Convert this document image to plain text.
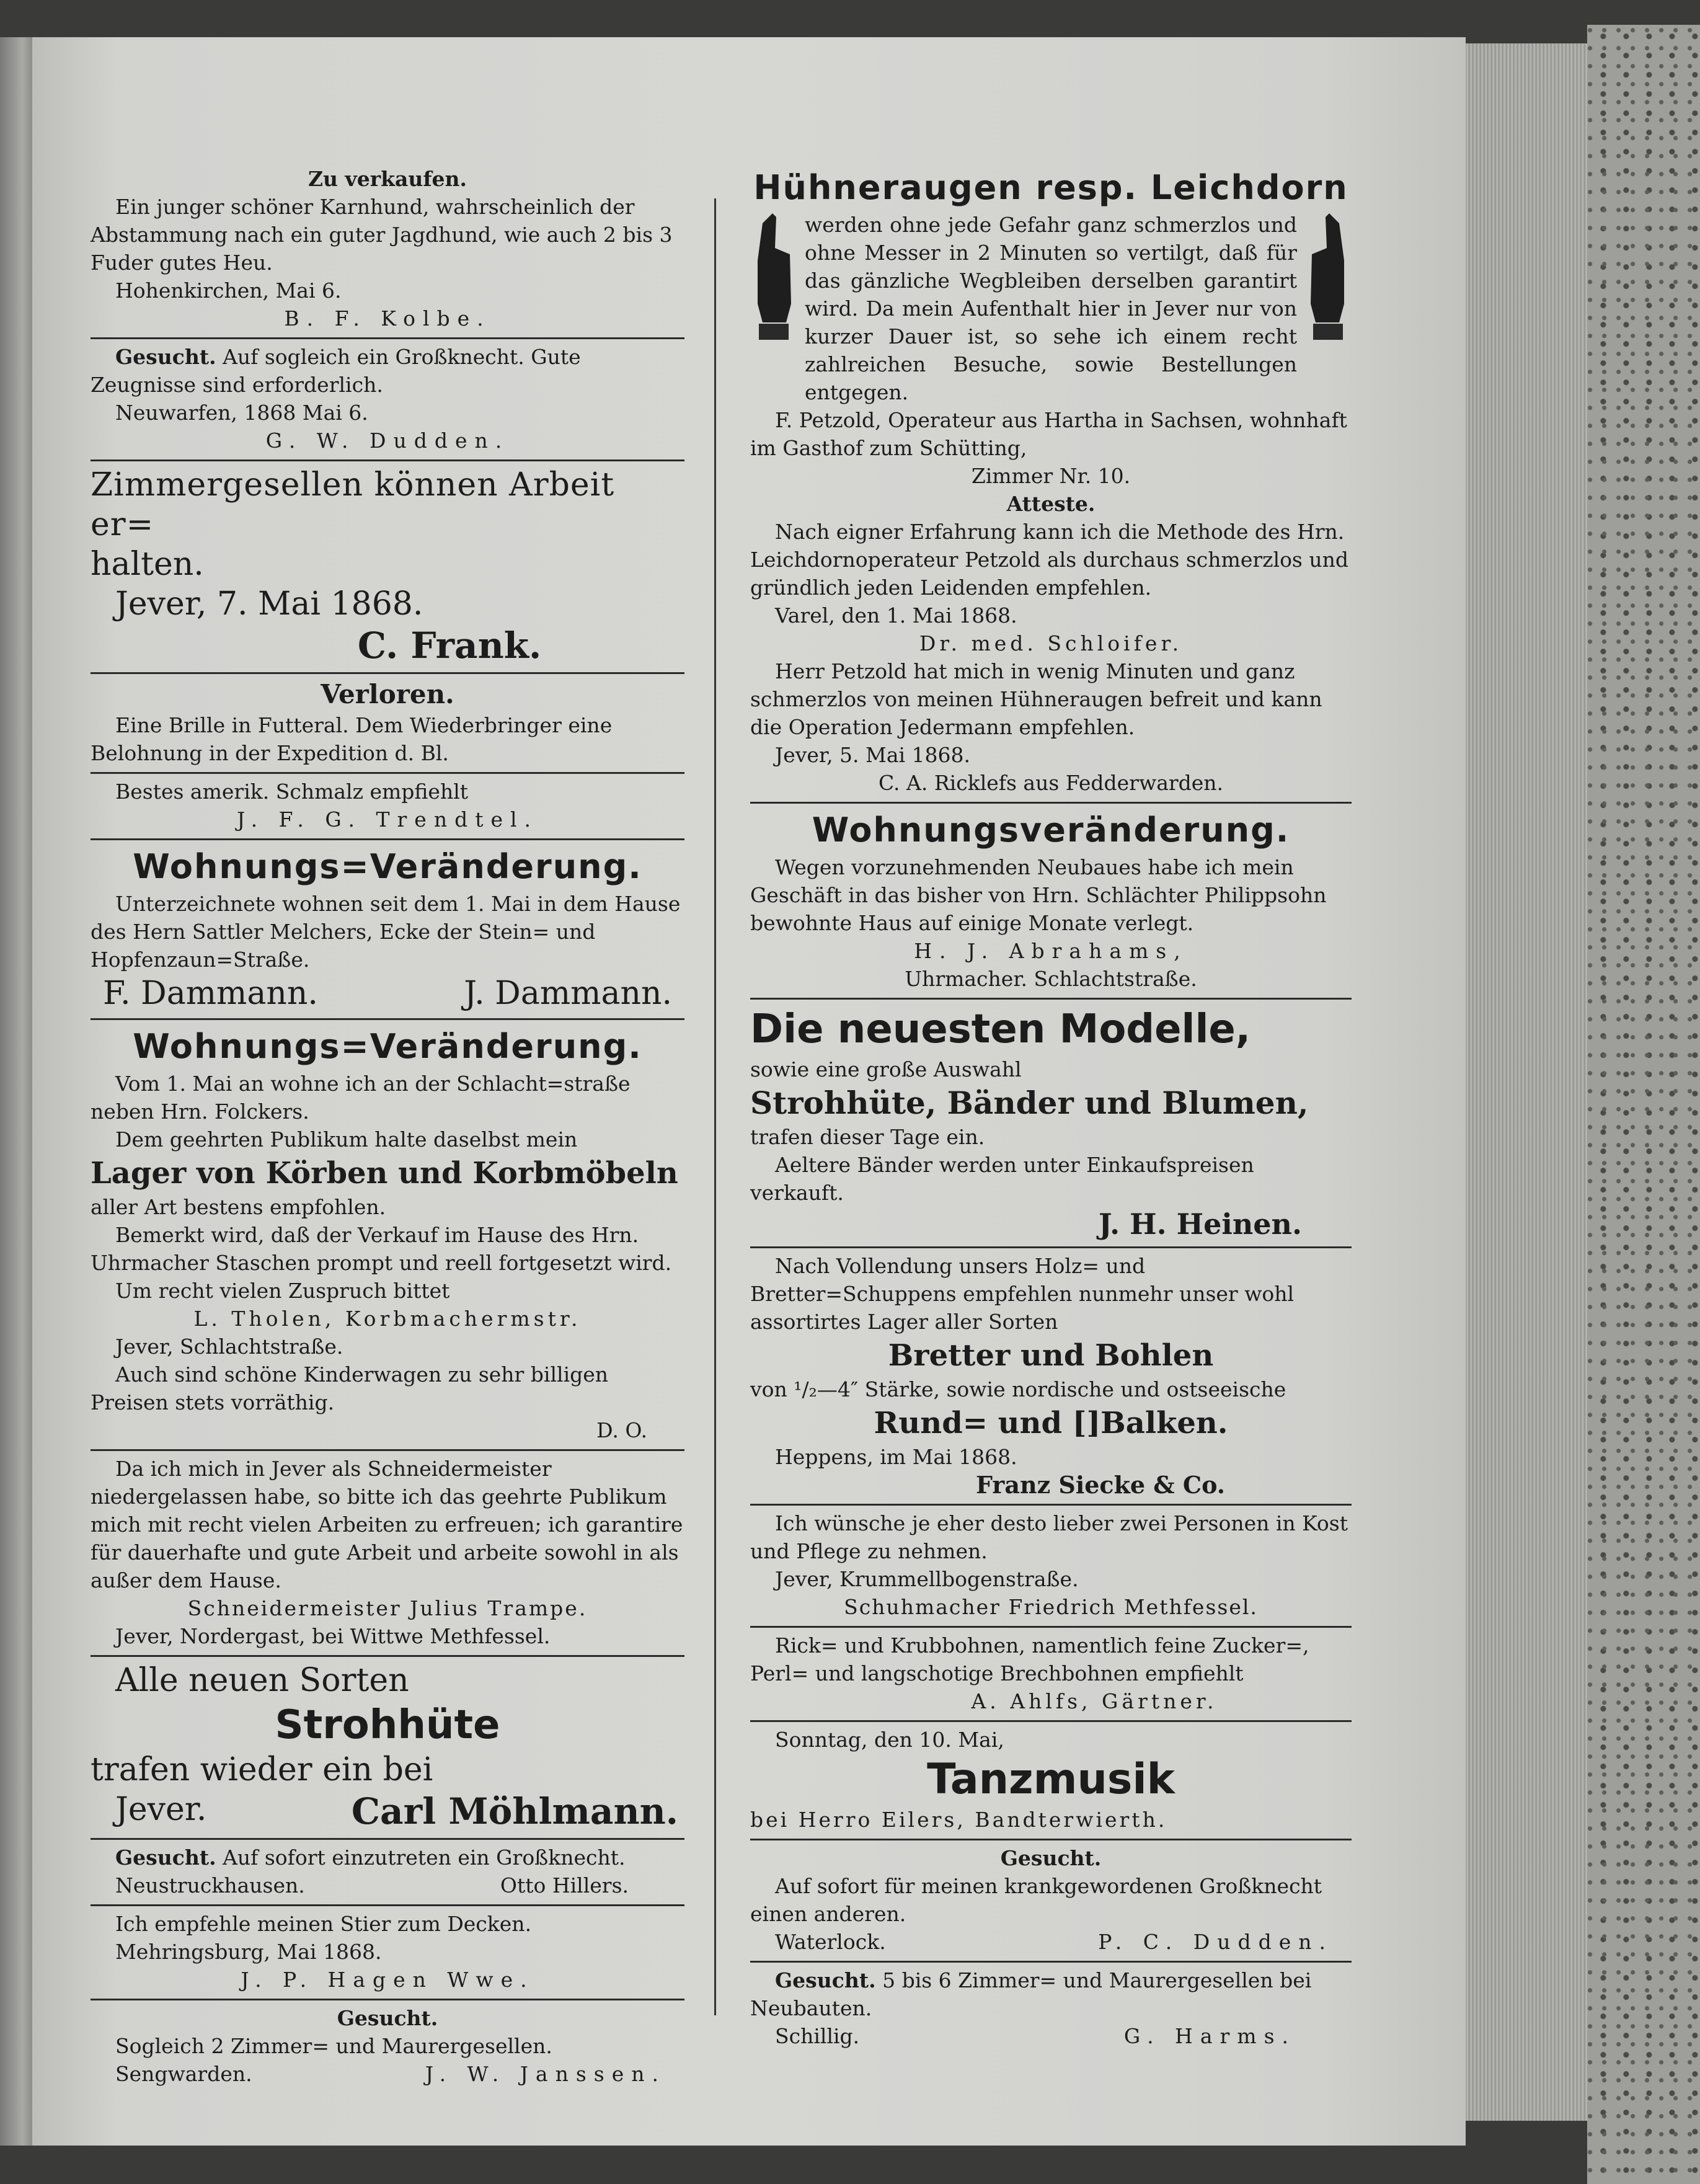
Zu verkaufen.

Ein junger schöner Karnhund, wahrscheinlich der Abstammung nach ein guter Jagdhund, wie auch 2 bis 3 Fuder gutes Heu.

Hohenkirchen, Mai 6.

B. F. Kolbe.

Gesucht. Auf sogleich ein Großknecht. Gute Zeugnisse sind erforderlich.

Neuwarfen, 1868 Mai 6.

G. W. Dudden.

Zimmergesellen können Arbeit er=

halten.

Jever, 7. Mai 1868.

C. Frank.

Verloren.

Eine Brille in Futteral. Dem Wiederbringer eine Belohnung in der Expedition d. Bl.

Bestes amerik. Schmalz empfiehlt

J. F. G. Trendtel.

Wohnungs=Veränderung.

Unterzeichnete wohnen seit dem 1. Mai in dem Hause des Hern Sattler Melchers, Ecke der Stein= und Hopfenzaun=Straße.

F. Dammann.	J. Dammann.

Wohnungs=Veränderung.

Vom 1. Mai an wohne ich an der Schlacht=straße neben Hrn. Folckers.

Dem geehrten Publikum halte daselbst mein

Lager von Körben und Korbmöbeln

aller Art bestens empfohlen.

Bemerkt wird, daß der Verkauf im Hause des Hrn. Uhrmacher Staschen prompt und reell fortgesetzt wird.

Um recht vielen Zuspruch bittet

L. Tholen, Korbmachermstr.

Jever, Schlachtstraße.

Auch sind schöne Kinderwagen zu sehr billigen Preisen stets vorräthig.

D. O.

Da ich mich in Jever als Schneidermeister niedergelassen habe, so bitte ich das geehrte Publikum mich mit recht vielen Arbeiten zu erfreuen; ich garantire für dauerhafte und gute Arbeit und arbeite sowohl in als außer dem Hause.

Schneidermeister Julius Trampe.

Jever, Nordergast, bei Wittwe Methfessel.

Alle neuen Sorten

Strohhüte

trafen wieder ein bei

Jever.	Carl Möhlmann.

Gesucht. Auf sofort einzutreten ein Großknecht.

Neustruckhausen.	Otto Hillers.

Ich empfehle meinen Stier zum Decken.

Mehringsburg, Mai 1868.

J. P. Hagen Wwe.

Gesucht.

Sogleich 2 Zimmer= und Maurergesellen.

Sengwarden.	J. W. Janssen.

Hühneraugen resp. Leichdorn

werden ohne jede Gefahr ganz schmerzlos und ohne Messer in 2 Minuten so vertilgt, daß für das gänzliche Wegbleiben derselben garantirt wird. Da mein Aufenthalt hier in Jever nur von kurzer Dauer ist, so sehe ich einem recht zahlreichen Besuche, sowie Bestellungen entgegen.

F. Petzold, Operateur aus Hartha in Sachsen, wohnhaft im Gasthof zum Schütting,

Zimmer Nr. 10.

Atteste.

Nach eigner Erfahrung kann ich die Methode des Hrn. Leichdornoperateur Petzold als durchaus schmerzlos und gründlich jeden Leidenden empfehlen.

Varel, den 1. Mai 1868.

Dr. med. Schloifer.

Herr Petzold hat mich in wenig Minuten und ganz schmerzlos von meinen Hühneraugen befreit und kann die Operation Jedermann empfehlen.

Jever, 5. Mai 1868.

C. A. Ricklefs aus Fedderwarden.

Wohnungsveränderung.

Wegen vorzunehmenden Neubaues habe ich mein Geschäft in das bisher von Hrn. Schlächter Philippsohn bewohnte Haus auf einige Monate verlegt.

H. J. Abrahams,

Uhrmacher. Schlachtstraße.

Die neuesten Modelle,

sowie eine große Auswahl

Strohhüte, Bänder und Blumen,

trafen dieser Tage ein.

Aeltere Bänder werden unter Einkaufspreisen verkauft.

J. H. Heinen.

Nach Vollendung unsers Holz= und Bretter=Schuppens empfehlen nunmehr unser wohl assortirtes Lager aller Sorten

Bretter und Bohlen

von ¹/₂—4″ Stärke, sowie nordische und ostseeische

Rund= und []Balken.

Heppens, im Mai 1868.

Franz Siecke & Co.

Ich wünsche je eher desto lieber zwei Personen in Kost und Pflege zu nehmen.

Jever, Krummellbogenstraße.

Schuhmacher Friedrich Methfessel.

Rick= und Krubbohnen, namentlich feine Zucker=, Perl= und langschotige Brechbohnen empfiehlt

A. Ahlfs, Gärtner.

Sonntag, den 10. Mai,

Tanzmusik

bei Herro Eilers, Bandterwierth.

Gesucht.

Auf sofort für meinen krankgewordenen Großknecht einen anderen.

Waterlock.	P. C. Dudden.

Gesucht. 5 bis 6 Zimmer= und Maurergesellen bei Neubauten.

Schillig.	G. Harms.
